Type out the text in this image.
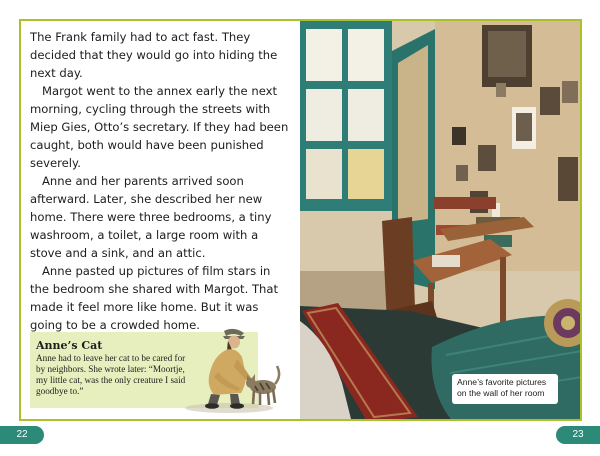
The Frank family had to act fast. They decided that they would go into hiding the next day.

Margot went to the annex early the next morning, cycling through the streets with Miep Gies, Otto’s secretary. If they had been caught, both would have been punished severely.

Anne and her parents arrived soon afterward. Later, she described her new home. There were three bedrooms, a tiny washroom, a toilet, a large room with a stove and a sink, and an attic.

Anne pasted up pictures of film stars in the bedroom she shared with Margot. That made it feel more like home. But it was going to be a crowded home.

Anne’s Cat
Anne had to leave her cat to be cared for by neighbors. She wrote later: “Moortje, my little cat, was the only creature I said goodbye to.”
Anne’s favorite pictures on the wall of her room
22	23
